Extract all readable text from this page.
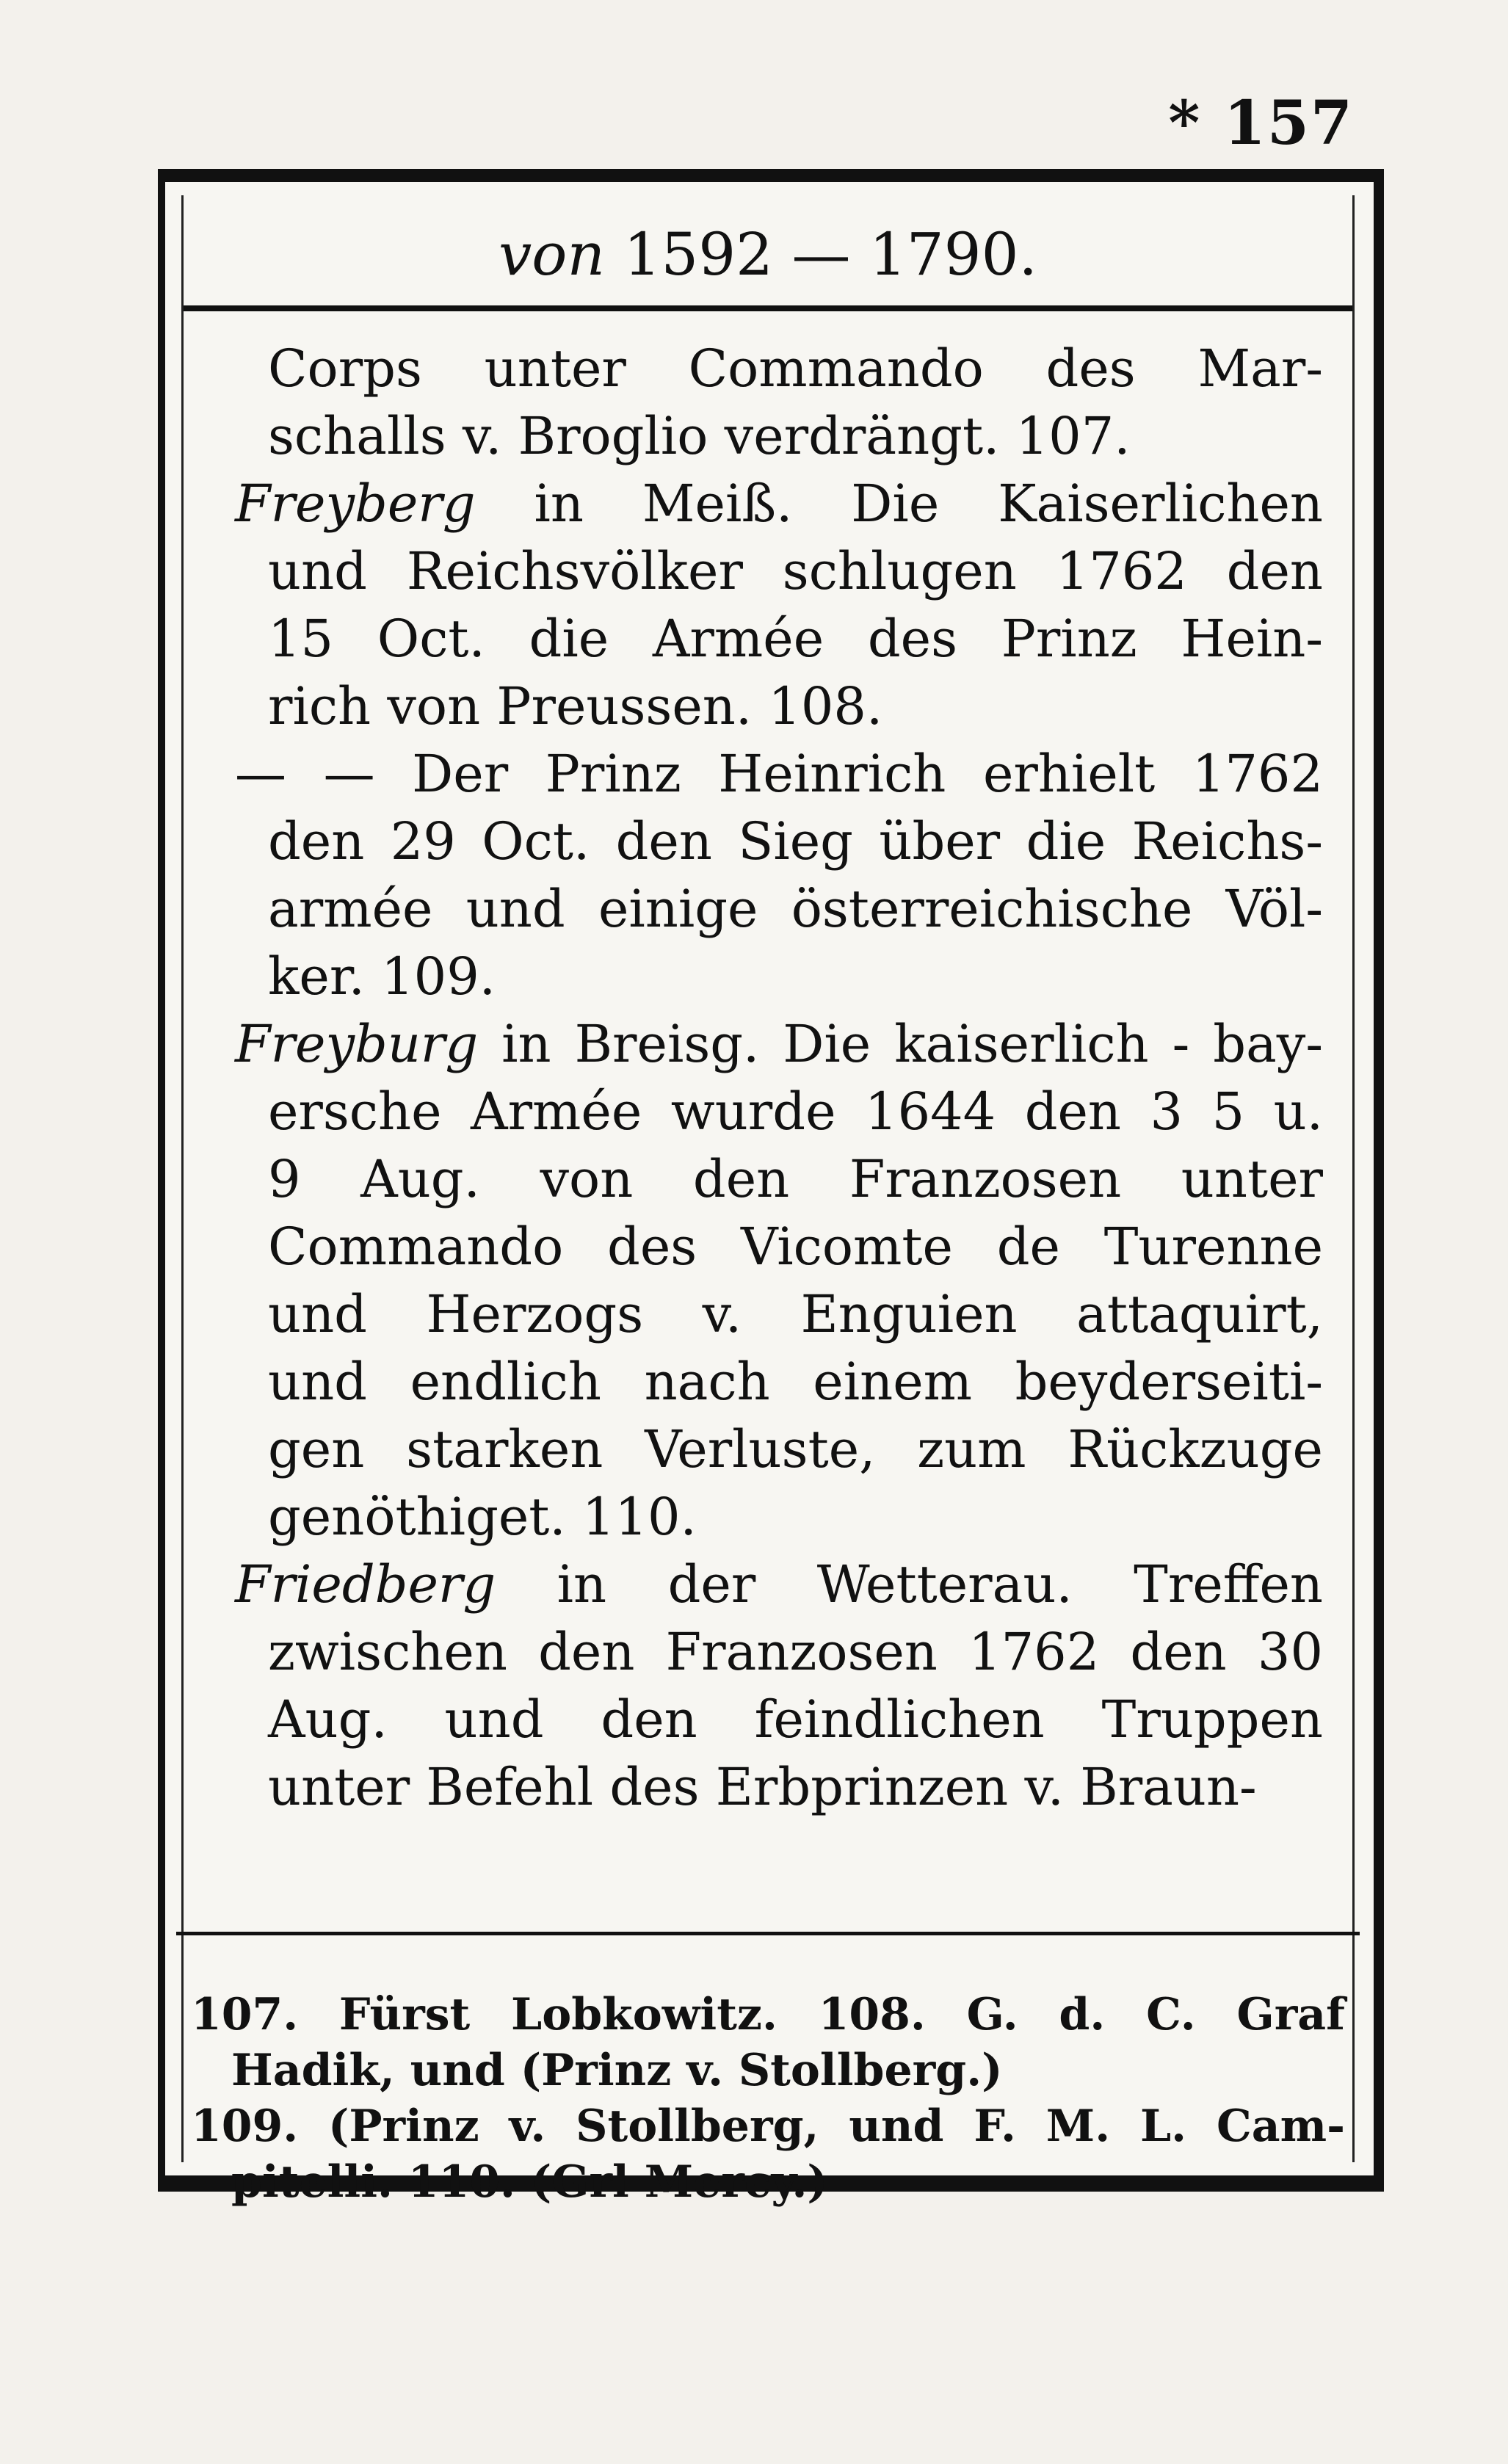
* 157
von 1592 — 1790.
Corps unter Commando des Mar-
schalls v. Broglio verdrängt. 107.
Freyberg in Meiß. Die Kaiserlichen
und Reichsvölker schlugen 1762 den
15 Oct. die Armée des Prinz Hein-
rich von Preussen. 108.
— — Der Prinz Heinrich erhielt 1762
den 29 Oct. den Sieg über die Reichs-
armée und einige österreichische Völ-
ker. 109.
Freyburg in Breisg. Die kaiserlich - bay-
ersche Armée wurde 1644 den 3 5 u.
9 Aug. von den Franzosen unter
Commando des Vicomte de Turenne
und Herzogs v. Enguien attaquirt,
und endlich nach einem beyderseiti-
gen starken Verluste, zum Rückzuge
genöthiget. 110.
Friedberg in der Wetterau. Treffen
zwischen den Franzosen 1762 den 30
Aug. und den feindlichen Truppen
unter Befehl des Erbprinzen v. Braun-
107. Fürst Lobkowitz. 108. G. d. C. Graf
Hadik, und (Prinz v. Stollberg.)
109. (Prinz v. Stollberg, und F. M. L. Cam-
pitelli. 110. (Grl Mercy.)
